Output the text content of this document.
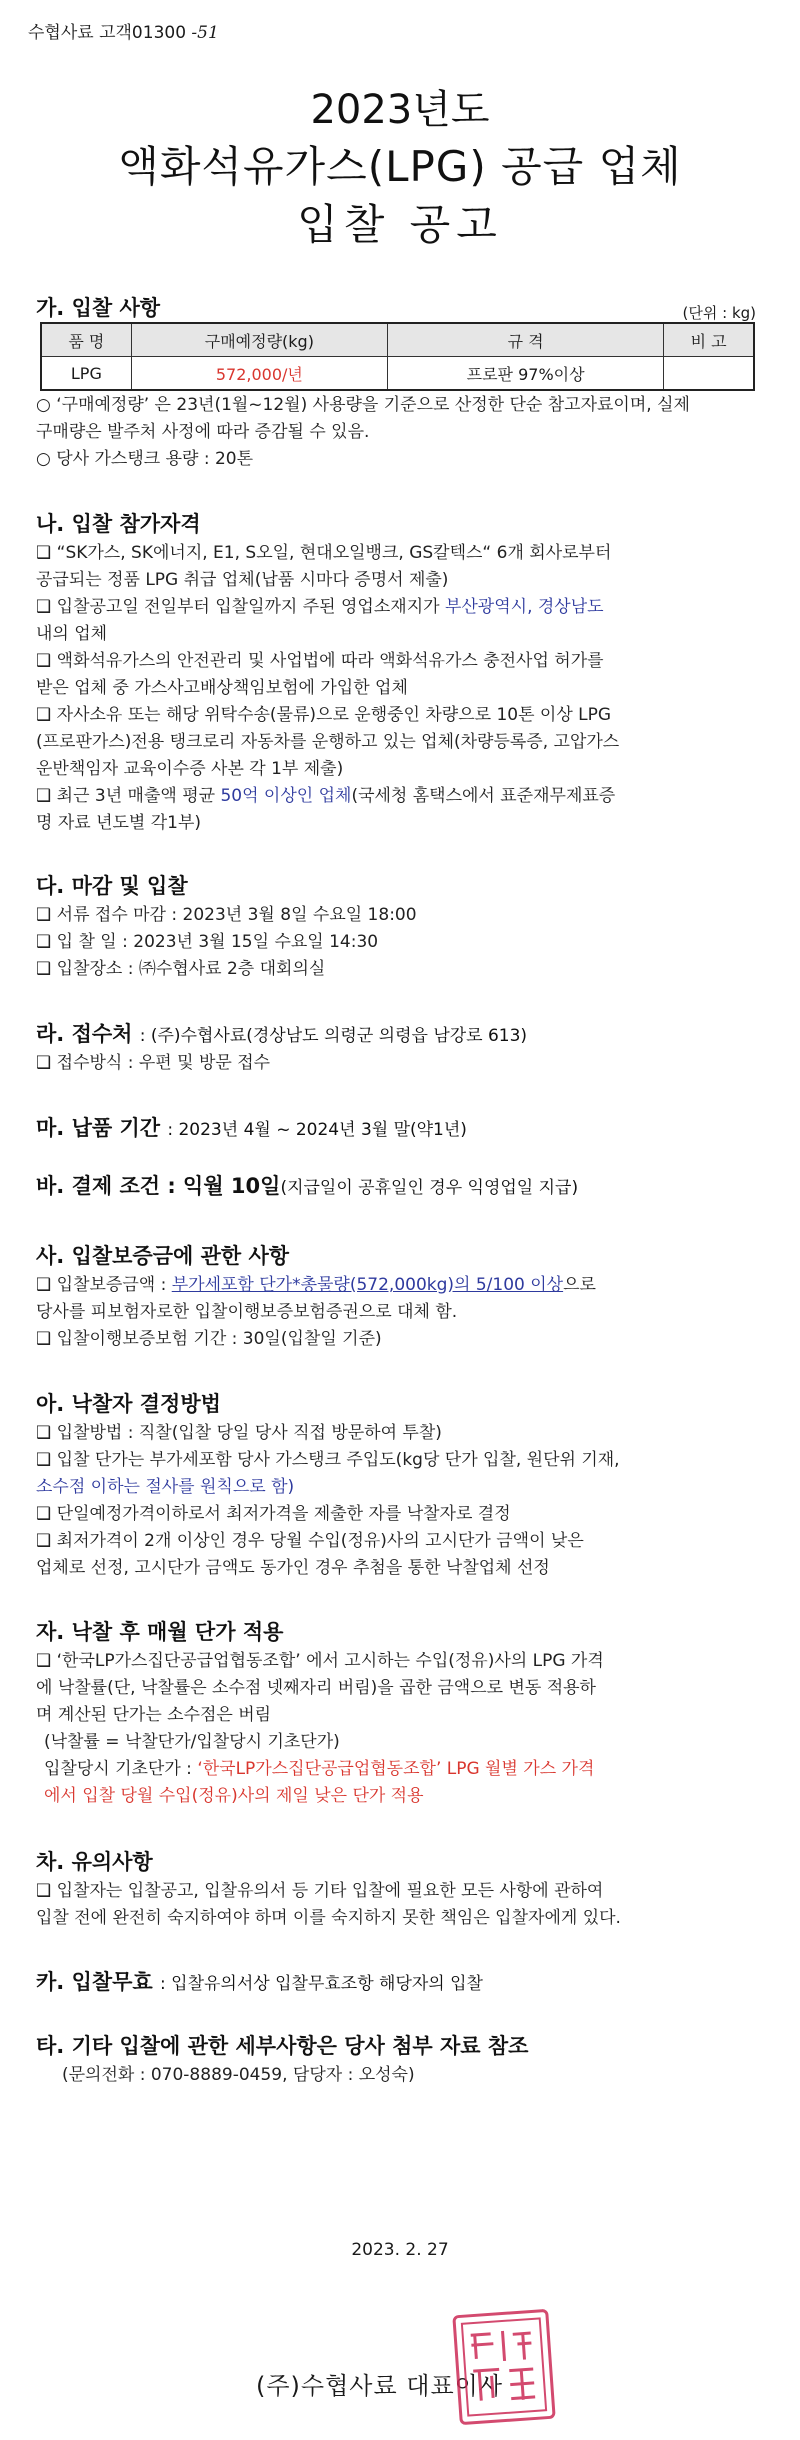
수협사료 고객01300 -51
2023년도
액화석유가스(LPG) 공급 업체
입찰 공고
가. 입찰 사항	(단위 : kg)
품 명	구매예정량(kg)	규 격	비 고
LPG	572,000/년	프로판 97%이상	
○ ‘구매예정량’ 은 23년(1월~12월) 사용량을 기준으로 산정한 단순 참고자료이며, 실제
구매량은 발주처 사정에 따라 증감될 수 있음.
○ 당사 가스탱크 용량 : 20톤
나. 입찰 참가자격
❑ “SK가스, SK에너지, E1, S오일, 현대오일뱅크, GS칼텍스“ 6개 회사로부터
공급되는 정품 LPG 취급 업체(납품 시마다 증명서 제출)
❑ 입찰공고일 전일부터 입찰일까지 주된 영업소재지가 부산광역시, 경상남도
내의 업체
❑ 액화석유가스의 안전관리 및 사업법에 따라 액화석유가스 충전사업 허가를
받은 업체 중 가스사고배상책임보험에 가입한 업체
❑ 자사소유 또는 해당 위탁수송(물류)으로 운행중인 차량으로 10톤 이상 LPG
(프로판가스)전용 탱크로리 자동차를 운행하고 있는 업체(차량등록증, 고압가스
운반책임자 교육이수증 사본 각 1부 제출)
❑ 최근 3년 매출액 평균 50억 이상인 업체(국세청 홈택스에서 표준재무제표증
명 자료 년도별 각1부)
다. 마감 및 입찰
❑ 서류 접수 마감 : 2023년 3월 8일 수요일 18:00
❑ 입 찰 일 : 2023년 3월 15일 수요일 14:30
❑ 입찰장소 : ㈜수협사료 2층 대회의실
라. 접수처 : (주)수협사료(경상남도 의령군 의령읍 남강로 613)
❑ 접수방식 : 우편 및 방문 접수
마. 납품 기간 : 2023년 4월 ~ 2024년 3월 말(약1년)
바. 결제 조건 : 익월 10일(지급일이 공휴일인 경우 익영업일 지급)
사. 입찰보증금에 관한 사항
❑ 입찰보증금액 : 부가세포함 단가*총물량(572,000kg)의 5/100 이상으로
당사를 피보험자로한 입찰이행보증보험증권으로 대체 함.
❑ 입찰이행보증보험 기간 : 30일(입찰일 기준)
아. 낙찰자 결정방법
❑ 입찰방법 : 직찰(입찰 당일 당사 직접 방문하여 투찰)
❑ 입찰 단가는 부가세포함 당사 가스탱크 주입도(kg당 단가 입찰, 원단위 기재,
소수점 이하는 절사를 원칙으로 함)
❑ 단일예정가격이하로서 최저가격을 제출한 자를 낙찰자로 결정
❑ 최저가격이 2개 이상인 경우 당월 수입(정유)사의 고시단가 금액이 낮은
업체로 선정, 고시단가 금액도 동가인 경우 추첨을 통한 낙찰업체 선정
자. 낙찰 후 매월 단가 적용
❑ ‘한국LP가스집단공급업협동조합’ 에서 고시하는 수입(정유)사의 LPG 가격
에 낙찰률(단, 낙찰률은 소수점 넷째자리 버림)을 곱한 금액으로 변동 적용하
며 계산된 단가는 소수점은 버림
(낙찰률 = 낙찰단가/입찰당시 기초단가)
입찰당시 기초단가 : ‘한국LP가스집단공급업협동조합’ LPG 월별 가스 가격
에서 입찰 당월 수입(정유)사의 제일 낮은 단가 적용
차. 유의사항
❑ 입찰자는 입찰공고, 입찰유의서 등 기타 입찰에 필요한 모든 사항에 관하여
입찰 전에 완전히 숙지하여야 하며 이를 숙지하지 못한 책임은 입찰자에게 있다.
카. 입찰무효 : 입찰유의서상 입찰무효조항 해당자의 입찰
타. 기타 입찰에 관한 세부사항은 당사 첨부 자료 참조
(문의전화 : 070-8889-0459, 담당자 : 오성숙)
2023. 2. 27
(주)수협사료 대표이사
